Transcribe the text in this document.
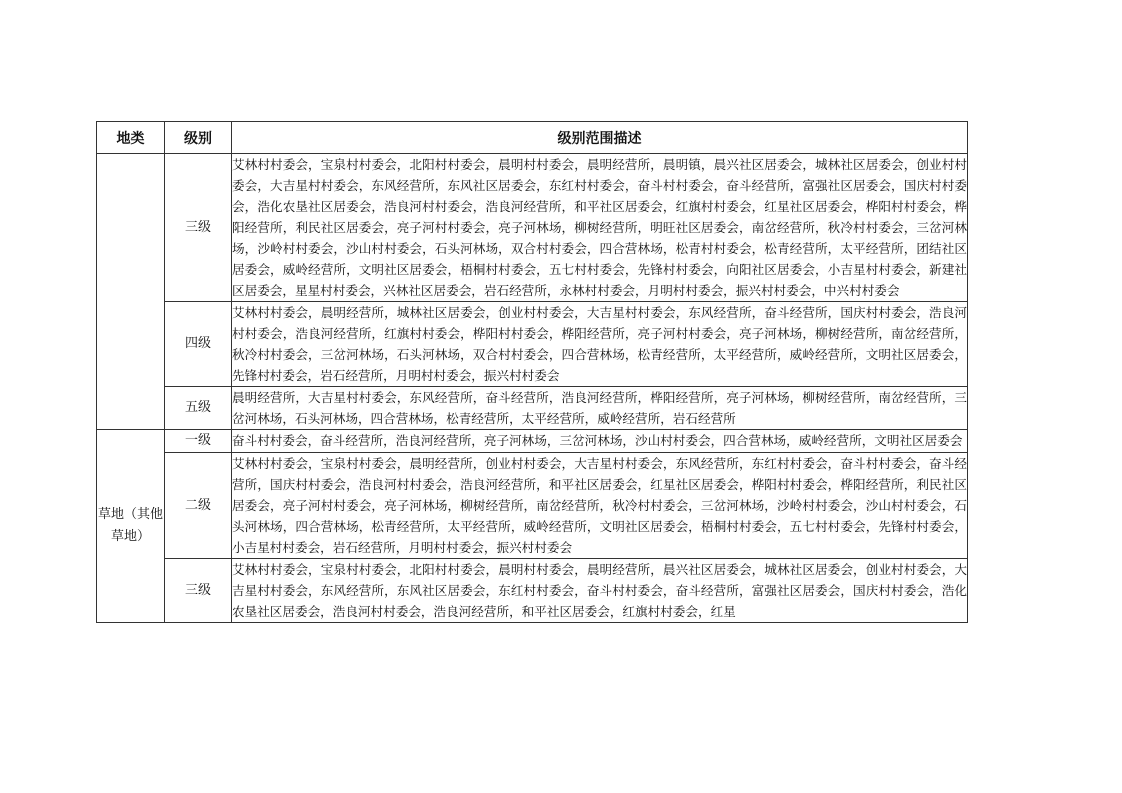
地类	级别	级别范围描述
	三级	艾林村村委会，宝泉村村委会，北阳村村委会，晨明村村委会，晨明经营所，晨明镇，晨兴社区居委会，城林社区居委会，创业村村委会，大吉星村村委会，东风经营所，东风社区居委会，东红村村委会，奋斗村村委会，奋斗经营所，富强社区居委会，国庆村村委会，浩化农垦社区居委会，浩良河村村委会，浩良河经营所，和平社区居委会，红旗村村委会，红星社区居委会，桦阳村村委会，桦阳经营所，利民社区居委会，亮子河村村委会，亮子河林场，柳树经营所，明旺社区居委会，南岔经营所，秋冷村村委会，三岔河林场，沙岭村村委会，沙山村村委会，石头河林场，双合村村委会，四合营林场，松青村村委会，松青经营所，太平经营所，团结社区居委会，威岭经营所，文明社区居委会，梧桐村村委会，五七村村委会，先锋村村委会，向阳社区居委会，小吉星村村委会，新建社区居委会，星星村村委会，兴林社区居委会，岩石经营所，永林村村委会，月明村村委会，振兴村村委会，中兴村村委会

	四级	艾林村村委会，晨明经营所，城林社区居委会，创业村村委会，大吉星村村委会，东风经营所，奋斗经营所，国庆村村委会，浩良河村村委会，浩良河经营所，红旗村村委会，桦阳村村委会，桦阳经营所，亮子河村村委会，亮子河林场，柳树经营所，南岔经营所，秋冷村村委会，三岔河林场，石头河林场，双合村村委会，四合营林场，松青经营所，太平经营所，威岭经营所，文明社区居委会，先锋村村委会，岩石经营所，月明村村委会，振兴村村委会

	五级	晨明经营所，大吉星村村委会，东风经营所，奋斗经营所，浩良河经营所，桦阳经营所，亮子河林场，柳树经营所，南岔经营所，三岔河林场，石头河林场，四合营林场，松青经营所，太平经营所，威岭经营所，岩石经营所

草地（其他草地）	一级	奋斗村村委会，奋斗经营所，浩良河经营所，亮子河林场，三岔河林场，沙山村村委会，四合营林场，威岭经营所，文明社区居委会

	二级	艾林村村委会，宝泉村村委会，晨明经营所，创业村村委会，大吉星村村委会，东风经营所，东红村村委会，奋斗村村委会，奋斗经营所，国庆村村委会，浩良河村村委会，浩良河经营所，和平社区居委会，红星社区居委会，桦阳村村委会，桦阳经营所，利民社区居委会，亮子河村村委会，亮子河林场，柳树经营所，南岔经营所，秋冷村村委会，三岔河林场，沙岭村村委会，沙山村村委会，石头河林场，四合营林场，松青经营所，太平经营所，威岭经营所，文明社区居委会，梧桐村村委会，五七村村委会，先锋村村委会，小吉星村村委会，岩石经营所，月明村村委会，振兴村村委会

	三级	艾林村村委会，宝泉村村委会，北阳村村委会，晨明村村委会，晨明经营所，晨兴社区居委会，城林社区居委会，创业村村委会，大吉星村村委会，东风经营所，东风社区居委会，东红村村委会，奋斗村村委会，奋斗经营所，富强社区居委会，国庆村村委会，浩化农垦社区居委会，浩良河村村委会，浩良河经营所，和平社区居委会，红旗村村委会，红星
